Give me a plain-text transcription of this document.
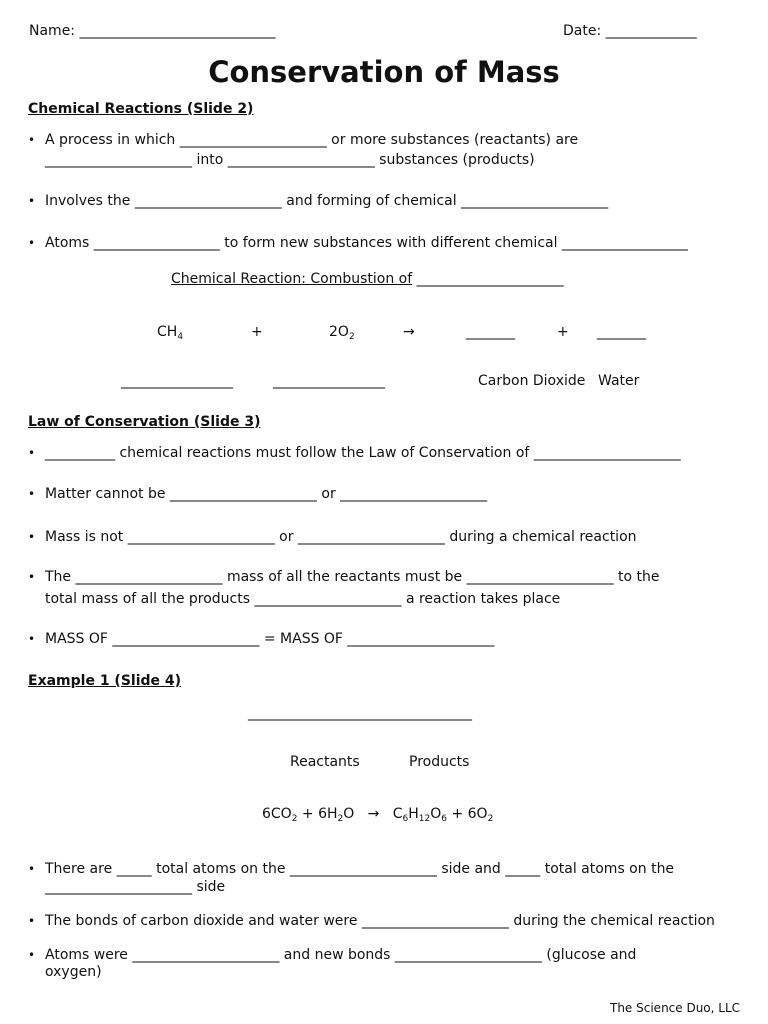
Name: ____________________________	Date: _____________
Conservation of Mass
Chemical Reactions (Slide 2)
• A process in which _____________________ or more substances (reactants) are
_____________________ into _____________________ substances (products)
• Involves the _____________________ and forming of chemical _____________________
• Atoms __________________ to form new substances with different chemical __________________
Chemical Reaction: Combustion of _____________________
$CH_4$	+	$2O_2$	→	_______	+ _______
________________	________________	Carbon Dioxide Water
Law of Conservation (Slide 3)
• __________ chemical reactions must follow the Law of Conservation of _____________________
• Matter cannot be _____________________ or _____________________
• Mass is not _____________________ or _____________________ during a chemical reaction
• The _____________________ mass of all the reactants must be _____________________ to the
total mass of all the products _____________________ a reaction takes place
• MASS OF _____________________ = MASS OF _____________________
Example 1 (Slide 4)
________________________________
Reactants	Products
$6CO_2 + 6H_2O \to C_6H_{12}O_6 + 6O_2$
• There are _____ total atoms on the _____________________ side and _____ total atoms on the
_____________________ side
• The bonds of carbon dioxide and water were _____________________ during the chemical reaction
• Atoms were _____________________ and new bonds _____________________ (glucose and
oxygen)
The Science Duo, LLC
